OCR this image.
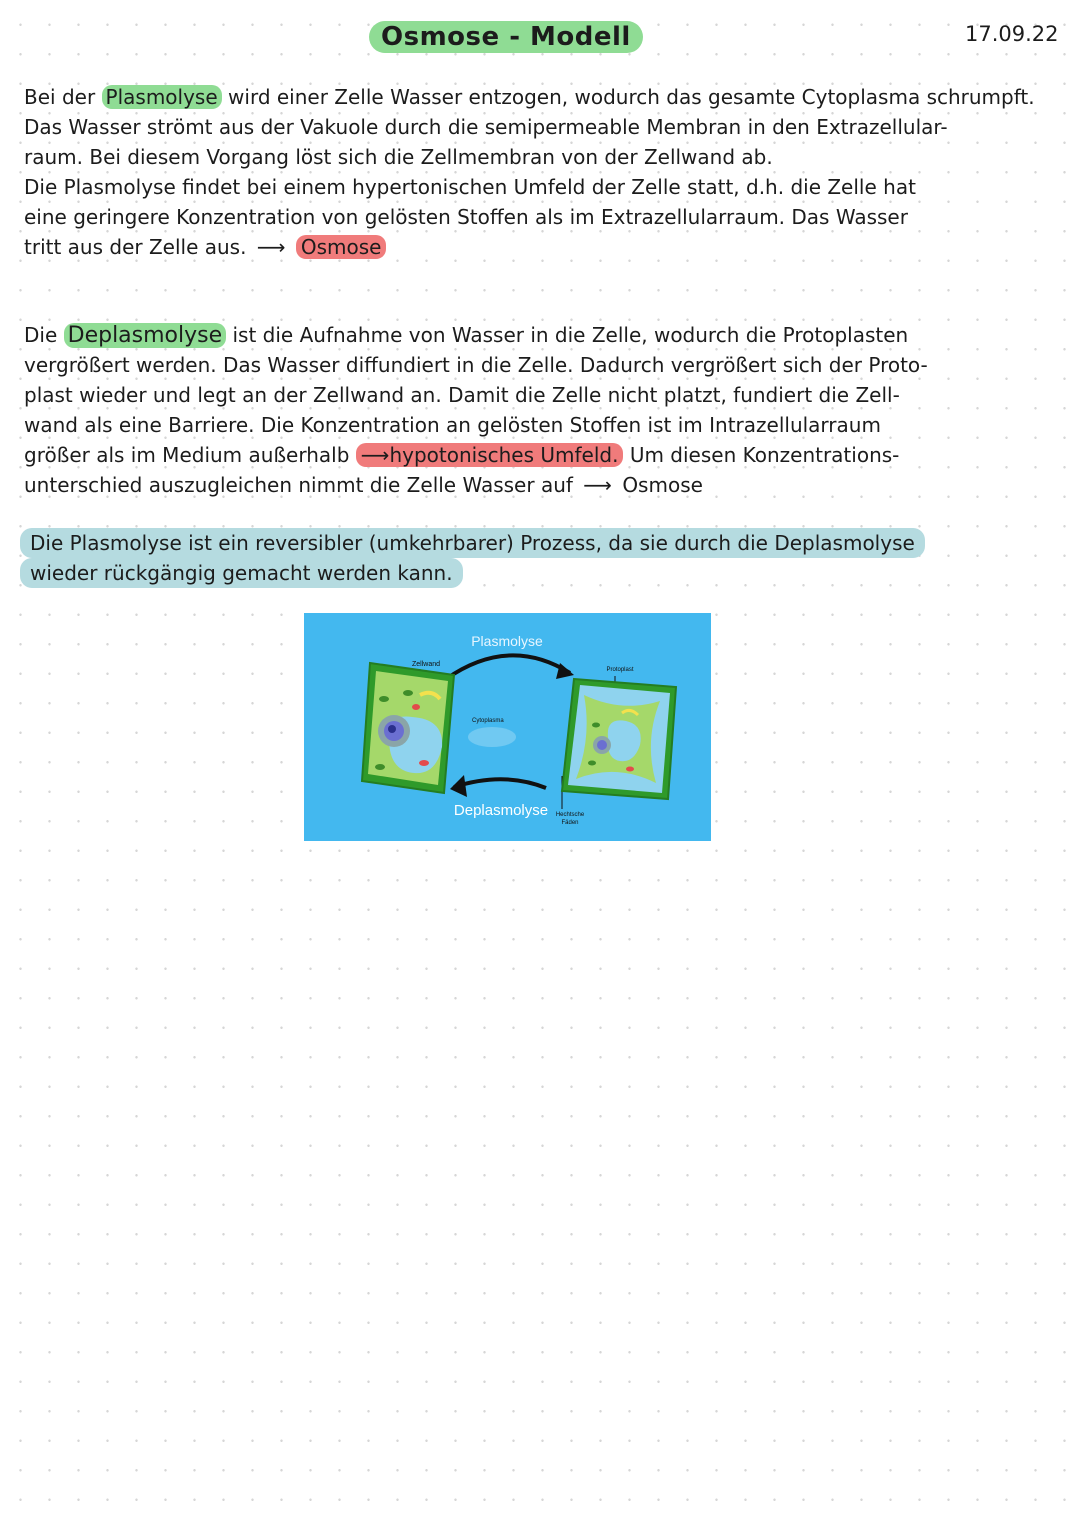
Osmose - Modell	17.09.22
Bei der Plasmolyse wird einer Zelle Wasser entzogen, wodurch das gesamte Cytoplasma schrumpft.
Das Wasser strömt aus der Vakuole durch die semipermeable Membran in den Extrazellular-
raum. Bei diesem Vorgang löst sich die Zellmembran von der Zellwand ab.
Die Plasmolyse findet bei einem hypertonischen Umfeld der Zelle statt, d.h. die Zelle hat
eine geringere Konzentration von gelösten Stoffen als im Extrazellularraum. Das Wasser
tritt aus der Zelle aus. ⟶ Osmose
Die Deplasmolyse ist die Aufnahme von Wasser in die Zelle, wodurch die Protoplasten
vergrößert werden. Das Wasser diffundiert in die Zelle. Dadurch vergrößert sich der Proto-
plast wieder und legt an der Zellwand an. Damit die Zelle nicht platzt, fundiert die Zell-
wand als eine Barriere. Die Konzentration an gelösten Stoffen ist im Intrazellularraum
größer als im Medium außerhalb ⟶hypotonisches Umfeld. Um diesen Konzentrations-
unterschied auszugleichen nimmt die Zelle Wasser auf ⟶ Osmose
Die Plasmolyse ist ein reversibler (umkehrbarer) Prozess, da sie durch die Deplasmolyse
wieder rückgängig gemacht werden kann.
Plasmolyse
Deplasmolyse
Zellwand
Cytoplasma
Protoplast
Hechtsche
Fäden
